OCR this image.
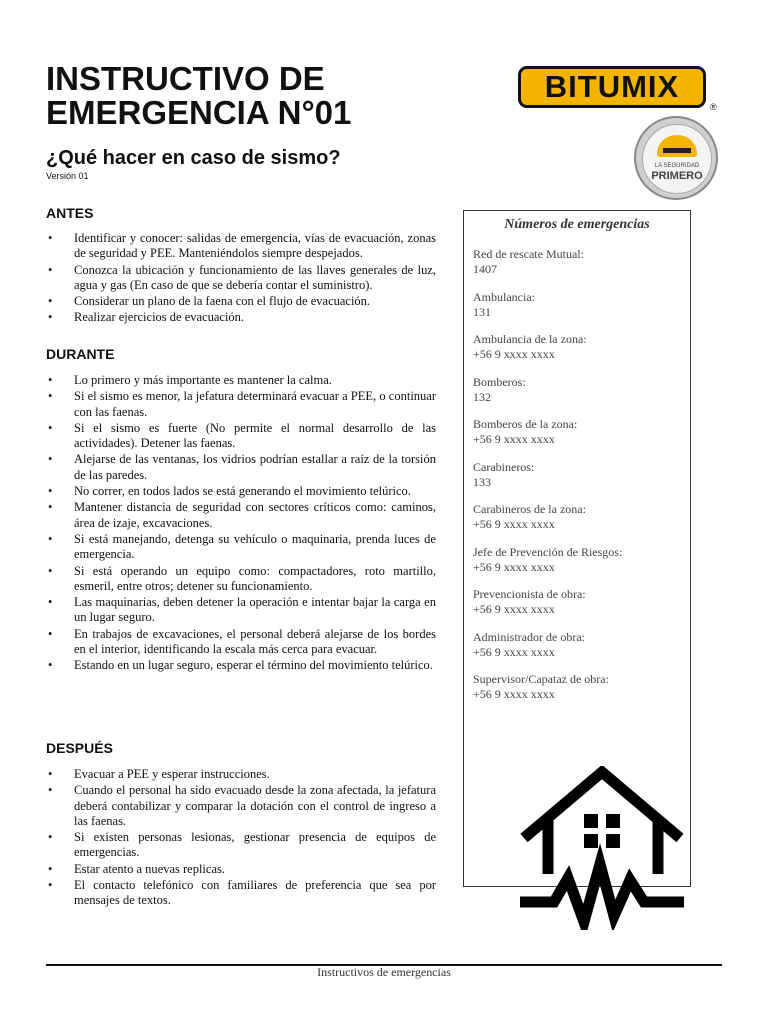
INSTRUCTIVO DE
EMERGENCIA N°01
¿Qué hacer en caso de sismo?
Versión 01
BITUMIX
®
LA SEGURIDAD
PRIMERO
ANTES
• Identificar y conocer: salidas de emergencia, vías de evacuación, zonas de seguridad y PEE. Manteniéndolos siempre despejados.
• Conozca la ubicación y funcionamiento de las llaves generales de luz, agua y gas (En caso de que se debería contar el suministro).
• Considerar un plano de la faena con el flujo de evacuación.
• Realizar ejercicios de evacuación.
DURANTE
• Lo primero y más importante es mantener la calma.
• Si el sismo es menor, la jefatura determinará evacuar a PEE, o continuar con las faenas.
• Si el sismo es fuerte (No permite el normal desarrollo de las actividades). Detener las faenas.
• Alejarse de las ventanas, los vidrios podrían estallar a raíz de la torsión de las paredes.
• No correr, en todos lados se está generando el movimiento telúrico.
• Mantener distancia de seguridad con sectores críticos como: caminos, área de izaje, excavaciones.
• Si está manejando, detenga su vehículo o maquinaria, prenda luces de emergencia.
• Si está operando un equipo como: compactadores, roto martillo, esmeril, entre otros; detener su funcionamiento.
• Las maquinarias, deben detener la operación e intentar bajar la carga en un lugar seguro.
• En trabajos de excavaciones, el personal deberá alejarse de los bordes en el interior, identificando la escala más cerca para evacuar.
• Estando en un lugar seguro, esperar el término del movimiento telúrico.
DESPUÉS
• Evacuar a PEE y esperar instrucciones.
• Cuando el personal ha sido evacuado desde la zona afectada, la jefatura deberá contabilizar y comparar la dotación con el control de ingreso a las faenas.
• Si existen personas lesionas, gestionar presencia de equipos de emergencias.
• Estar atento a nuevas replicas.
• El contacto telefónico con familiares de preferencia que sea por mensajes de textos.
Números de emergencias
Red de rescate Mutual:
1407
Ambulancia:
131
Ambulancia de la zona:
+56 9 xxxx xxxx
Bomberos:
132
Bomberos de la zona:
+56 9 xxxx xxxx
Carabineros:
133
Carabineros de la zona:
+56 9 xxxx xxxx
Jefe de Prevención de Riesgos:
+56 9 xxxx xxxx
Prevencionista de obra:
+56 9 xxxx xxxx
Administrador de obra:
+56 9 xxxx xxxx
Supervisor/Capataz de obra:
+56 9 xxxx xxxx
Instructivos de emergencias
